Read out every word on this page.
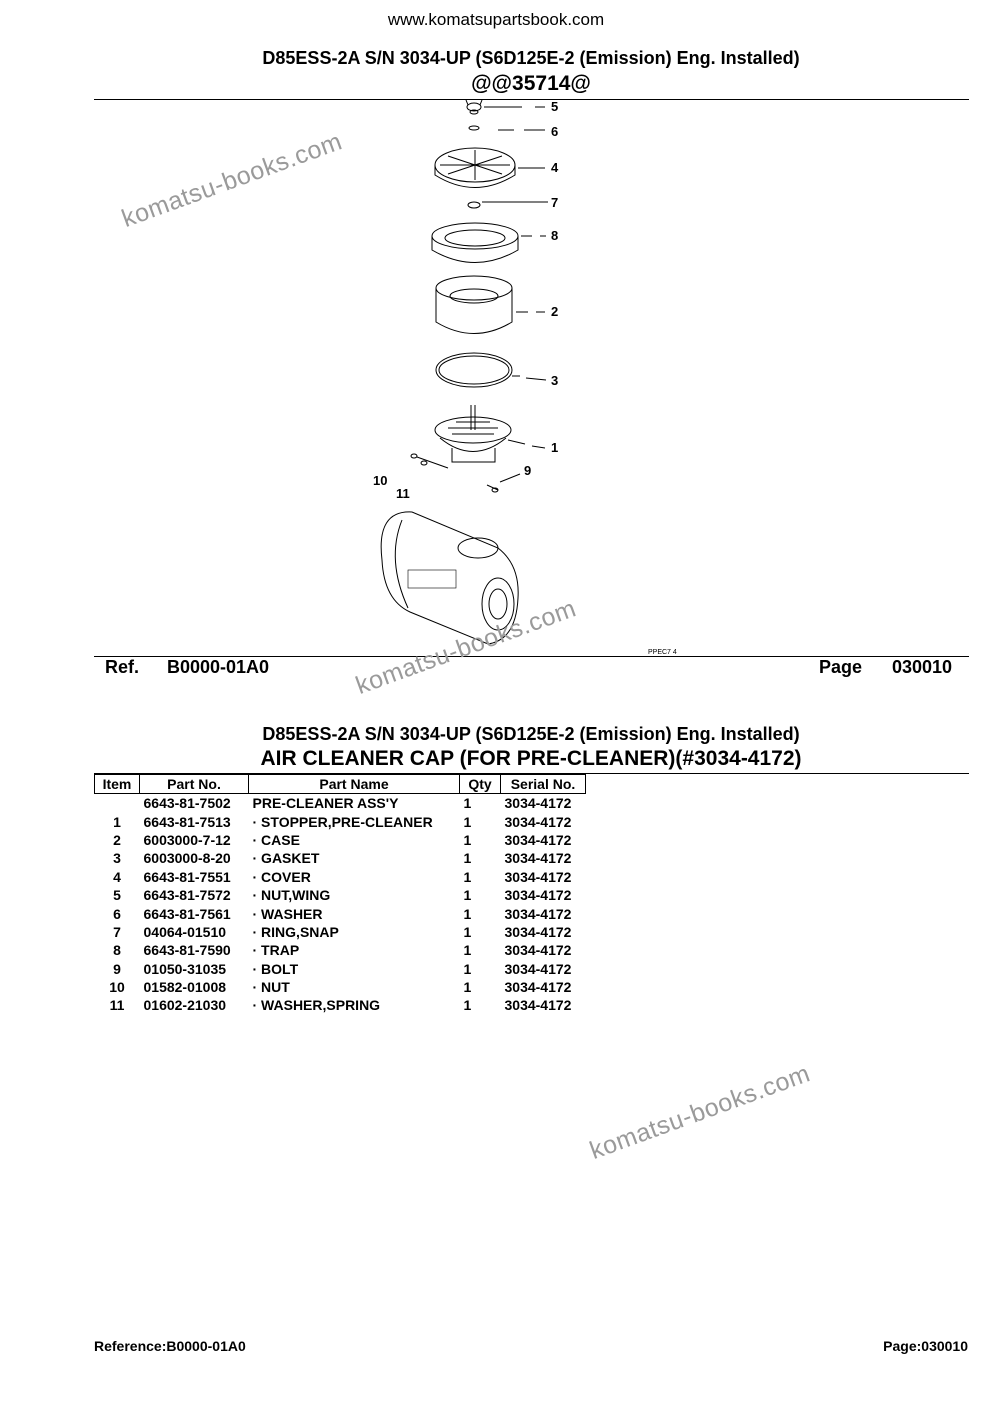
www.komatsupartsbook.com
D85ESS-2A S/N 3034-UP (S6D125E-2 (Emission) Eng. Installed)
@@35714@
5
6
4
7
8
2
3
1
9
10
11
PPEC7 4
Ref. B0000-01A0	Page 030010
D85ESS-2A S/N 3034-UP (S6D125E-2 (Emission) Eng. Installed)
AIR CLEANER CAP (FOR PRE-CLEANER)(#3034-4172)
Item	Part No.	Part Name	Qty	Serial No.
	6643-81-7502	PRE-CLEANER ASS'Y	1	3034-4172
1	6643-81-7513	· STOPPER,PRE-CLEANER	1	3034-4172
2	6003000-7-12	· CASE	1	3034-4172
3	6003000-8-20	· GASKET	1	3034-4172
4	6643-81-7551	· COVER	1	3034-4172
5	6643-81-7572	· NUT,WING	1	3034-4172
6	6643-81-7561	· WASHER	1	3034-4172
7	04064-01510	· RING,SNAP	1	3034-4172
8	6643-81-7590	· TRAP	1	3034-4172
9	01050-31035	· BOLT	1	3034-4172
10	01582-01008	· NUT	1	3034-4172
11	01602-21030	· WASHER,SPRING	1	3034-4172
komatsu-books.com
komatsu-books.com
komatsu-books.com
Reference:B0000-01A0	Page:030010
